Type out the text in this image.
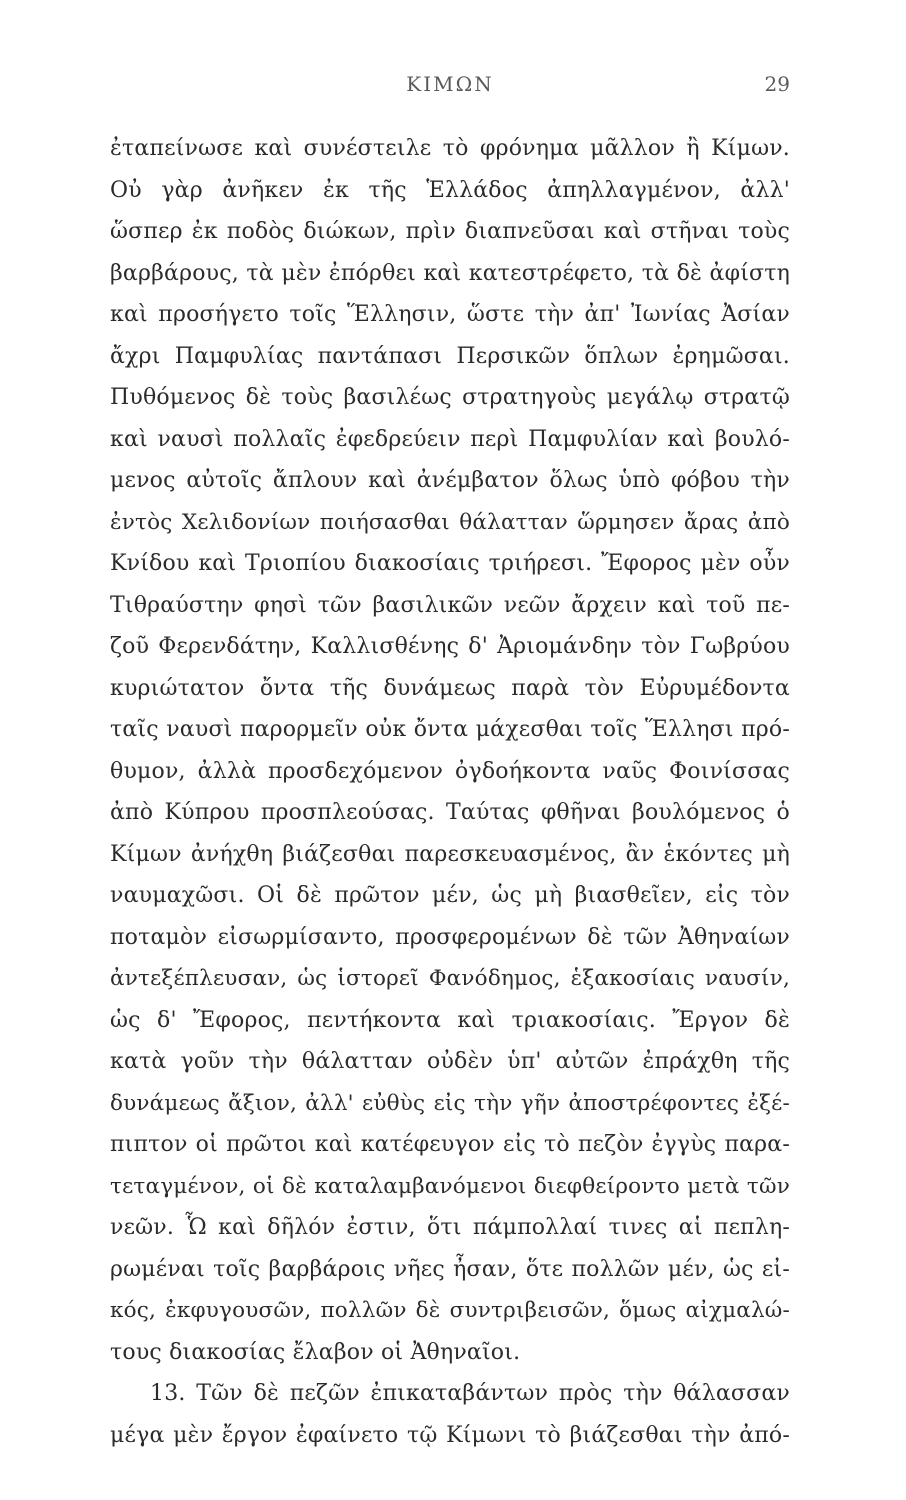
ΚΙΜΩΝ	29
ἐταπείνωσε καὶ συνέστειλε τὸ φρόνημα μᾶλλον ἢ Κίμων.
Οὐ γὰρ ἀνῆκεν ἐκ τῆς Ἑλλάδος ἀπηλλαγμένον, ἀλλ'
ὥσπερ ἐκ ποδὸς διώκων, πρὶν διαπνεῦσαι καὶ στῆναι τοὺς
βαρβάρους, τὰ μὲν ἐπόρθει καὶ κατεστρέφετο, τὰ δὲ ἀφίστη
καὶ προσήγετο τοῖς Ἕλλησιν, ὥστε τὴν ἀπ' Ἰωνίας Ἀσίαν
ἄχρι Παμφυλίας παντάπασι Περσικῶν ὅπλων ἐρημῶσαι.
Πυθόμενος δὲ τοὺς βασιλέως στρατηγοὺς μεγάλῳ στρατῷ
καὶ ναυσὶ πολλαῖς ἐφεδρεύειν περὶ Παμφυλίαν καὶ βουλό-
μενος αὐτοῖς ἄπλουν καὶ ἀνέμβατον ὅλως ὑπὸ φόβου τὴν
ἐντὸς Χελιδονίων ποιήσασθαι θάλατταν ὥρμησεν ἄρας ἀπὸ
Κνίδου καὶ Τριοπίου διακοσίαις τριήρεσι. Ἔφορος μὲν οὖν
Τιθραύστην φησὶ τῶν βασιλικῶν νεῶν ἄρχειν καὶ τοῦ πε-
ζοῦ Φερενδάτην, Καλλισθένης δ' Ἀριομάνδην τὸν Γωβρύου
κυριώτατον ὄντα τῆς δυνάμεως παρὰ τὸν Εὐρυμέδοντα
ταῖς ναυσὶ παρορμεῖν οὐκ ὄντα μάχεσθαι τοῖς Ἕλλησι πρό-
θυμον, ἀλλὰ προσδεχόμενον ὀγδοήκοντα ναῦς Φοινίσσας
ἀπὸ Κύπρου προσπλεούσας. Ταύτας φθῆναι βουλόμενος ὁ
Κίμων ἀνήχθη βιάζεσθαι παρεσκευασμένος, ἂν ἑκόντες μὴ
ναυμαχῶσι. Οἱ δὲ πρῶτον μέν, ὡς μὴ βιασθεῖεν, εἰς τὸν
ποταμὸν εἰσωρμίσαντο, προσφερομένων δὲ τῶν Ἀθηναίων
ἀντεξέπλευσαν, ὡς ἱστορεῖ Φανόδημος, ἑξακοσίαις ναυσίν,
ὡς δ' Ἔφορος, πεντήκοντα καὶ τριακοσίαις. Ἔργον δὲ
κατὰ γοῦν τὴν θάλατταν οὐδὲν ὑπ' αὐτῶν ἐπράχθη τῆς
δυνάμεως ἄξιον, ἀλλ' εὐθὺς εἰς τὴν γῆν ἀποστρέφοντες ἐξέ-
πιπτον οἱ πρῶτοι καὶ κατέφευγον εἰς τὸ πεζὸν ἐγγὺς παρα-
τεταγμένον, οἱ δὲ καταλαμβανόμενοι διεφθείροντο μετὰ τῶν
νεῶν. Ὧ καὶ δῆλόν ἐστιν, ὅτι πάμπολλαί τινες αἱ πεπλη-
ρωμέναι τοῖς βαρβάροις νῆες ἦσαν, ὅτε πολλῶν μέν, ὡς εἰ-
κός, ἐκφυγουσῶν, πολλῶν δὲ συντριβεισῶν, ὅμως αἰχμαλώ-
τους διακοσίας ἔλαβον οἱ Ἀθηναῖοι.
13. Τῶν δὲ πεζῶν ἐπικαταβάντων πρὸς τὴν θάλασσαν
μέγα μὲν ἔργον ἐφαίνετο τῷ Κίμωνι τὸ βιάζεσθαι τὴν ἀπό-
